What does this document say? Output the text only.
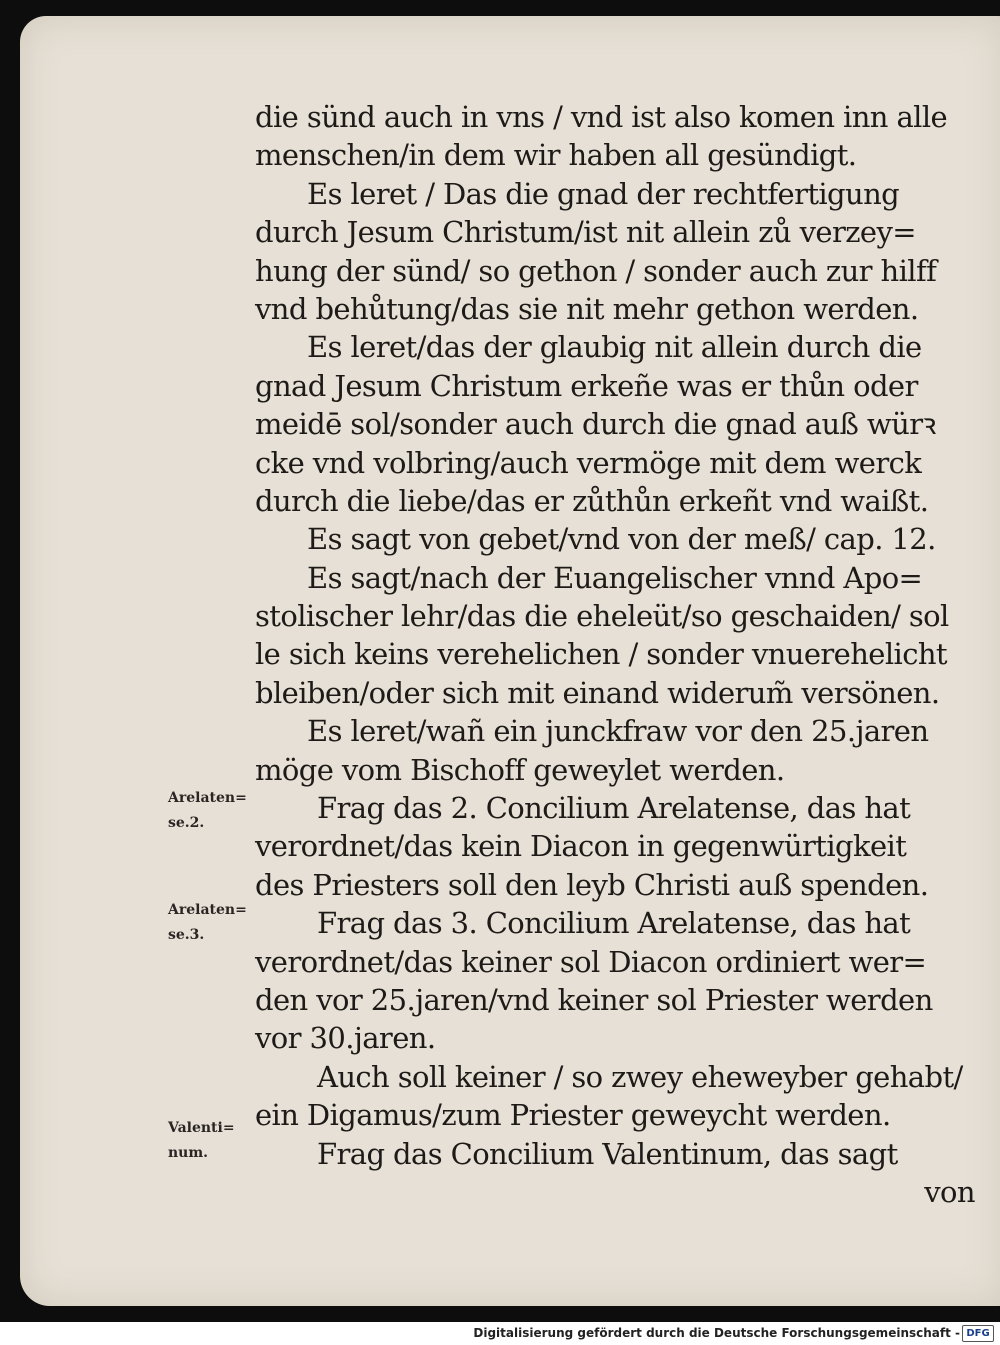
die sünd auch in vns / vnd ist also komen inn alle
menschen/in dem wir haben all gesündigt.
Es leret / Das die gnad der rechtfertigung
durch Jesum Christum/ist nit allein zů verzey=
hung der sünd/ so gethon / sonder auch zur hilff
vnd behůtung/das sie nit mehr gethon werden.
Es leret/das der glaubig nit allein durch die
gnad Jesum Christum erkeñe was er thůn oder
meidē sol/sonder auch durch die gnad auß würꝛ
cke vnd volbring/auch vermöge mit dem werck
durch die liebe/das er zůthůn erkeñt vnd waißt.
Es sagt von gebet/vnd von der meß/ cap. 12.
Es sagt/nach der Euangelischer vnnd Apo=
stolischer lehr/das die eheleüt/so geschaiden/ sol
le sich keins verehelichen / sonder vnuerehelicht
bleiben/oder sich mit einand widerum̃ versönen.
Es leret/wañ ein junckfraw vor den 25.jaren
möge vom Bischoff geweylet werden.
Frag das 2. Concilium Arelatense, das hat
verordnet/das kein Diacon in gegenwürtigkeit
des Priesters soll den leyb Christi auß spenden.
Frag das 3. Concilium Arelatense, das hat
verordnet/das keiner sol Diacon ordiniert wer=
den vor 25.jaren/vnd keiner sol Priester werden
vor 30.jaren.
Auch soll keiner / so zwey eheweyber gehabt/
ein Digamus/zum Priester geweycht werden.
Frag das Concilium Valentinum, das sagt
von
Arelaten=
se.2.
Arelaten=
se.3.
Valenti=
num.
Digitalisierung gefördert durch die Deutsche Forschungsgemeinschaft - DFG
